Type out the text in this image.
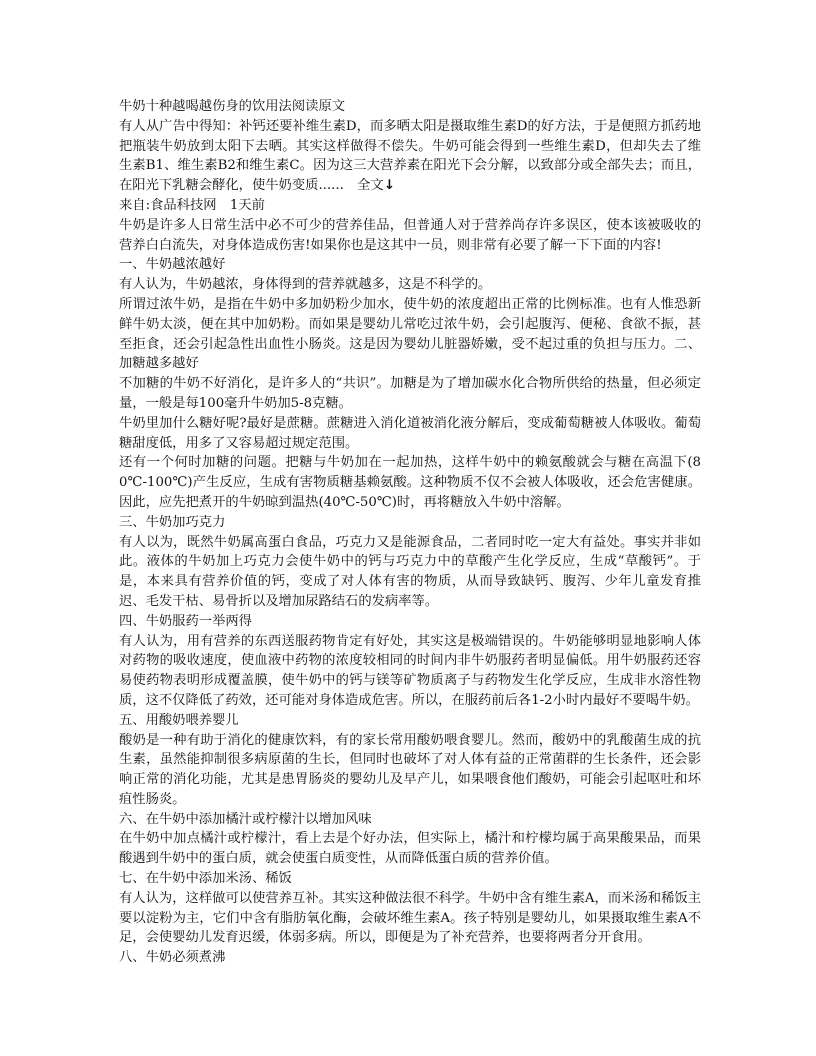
牛奶十种越喝越伤身的饮用法阅读原文

有人从广告中得知：补钙还要补维生素D，而多晒太阳是摄取维生素D的好方法，于是便照方抓药地把瓶装牛奶放到太阳下去晒。其实这样做得不偿失。牛奶可能会得到一些维生素D，但却失去了维生素B1、维生素B2和维生素C。因为这三大营养素在阳光下会分解，以致部分或全部失去；而且，在阳光下乳糖会酵化，使牛奶变质......　 全文↓

来自:食品科技网　1天前

牛奶是许多人日常生活中必不可少的营养佳品，但普通人对于营养尚存许多误区，使本该被吸收的营养白白流失，对身体造成伤害!如果你也是这其中一员，则非常有必要了解一下下面的内容!

一、牛奶越浓越好

有人认为，牛奶越浓，身体得到的营养就越多，这是不科学的。

所谓过浓牛奶，是指在牛奶中多加奶粉少加水，使牛奶的浓度超出正常的比例标准。也有人惟恐新鲜牛奶太淡，便在其中加奶粉。而如果是婴幼儿常吃过浓牛奶，会引起腹泻、便秘、食欲不振，甚至拒食，还会引起急性出血性小肠炎。这是因为婴幼儿脏器娇嫩，受不起过重的负担与压力。二、加糖越多越好

不加糖的牛奶不好消化，是许多人的“共识”。加糖是为了增加碳水化合物所供给的热量，但必须定量，一般是每100毫升牛奶加5-8克糖。

牛奶里加什么糖好呢?最好是蔗糖。蔗糖进入消化道被消化液分解后，变成葡萄糖被人体吸收。葡萄糖甜度低，用多了又容易超过规定范围。

还有一个何时加糖的问题。把糖与牛奶加在一起加热，这样牛奶中的赖氨酸就会与糖在高温下(80℃-100℃)产生反应，生成有害物质糖基赖氨酸。这种物质不仅不会被人体吸收，还会危害健康。因此，应先把煮开的牛奶晾到温热(40℃-50℃)时，再将糖放入牛奶中溶解。

三、牛奶加巧克力

有人以为，既然牛奶属高蛋白食品，巧克力又是能源食品，二者同时吃一定大有益处。事实并非如此。液体的牛奶加上巧克力会使牛奶中的钙与巧克力中的草酸产生化学反应，生成“草酸钙”。于是，本来具有营养价值的钙，变成了对人体有害的物质，从而导致缺钙、腹泻、少年儿童发育推迟、毛发干枯、易骨折以及增加尿路结石的发病率等。

四、牛奶服药一举两得

有人认为，用有营养的东西送服药物肯定有好处，其实这是极端错误的。牛奶能够明显地影响人体对药物的吸收速度，使血液中药物的浓度较相同的时间内非牛奶服药者明显偏低。用牛奶服药还容易使药物表明形成覆盖膜，使牛奶中的钙与镁等矿物质离子与药物发生化学反应，生成非水溶性物质，这不仅降低了药效，还可能对身体造成危害。所以，在服药前后各1-2小时内最好不要喝牛奶。

五、用酸奶喂养婴儿

酸奶是一种有助于消化的健康饮料，有的家长常用酸奶喂食婴儿。然而，酸奶中的乳酸菌生成的抗生素，虽然能抑制很多病原菌的生长，但同时也破坏了对人体有益的正常菌群的生长条件，还会影响正常的消化功能，尤其是患胃肠炎的婴幼儿及早产儿，如果喂食他们酸奶，可能会引起呕吐和坏疽性肠炎。

六、在牛奶中添加橘汁或柠檬汁以增加风味

在牛奶中加点橘汁或柠檬汁，看上去是个好办法，但实际上，橘汁和柠檬均属于高果酸果品，而果酸遇到牛奶中的蛋白质，就会使蛋白质变性，从而降低蛋白质的营养价值。

七、在牛奶中添加米汤、稀饭

有人认为，这样做可以使营养互补。其实这种做法很不科学。牛奶中含有维生素A，而米汤和稀饭主要以淀粉为主，它们中含有脂肪氧化酶，会破坏维生素A。孩子特别是婴幼儿，如果摄取维生素A不足，会使婴幼儿发育迟缓，体弱多病。所以，即便是为了补充营养，也要将两者分开食用。

八、牛奶必须煮沸
